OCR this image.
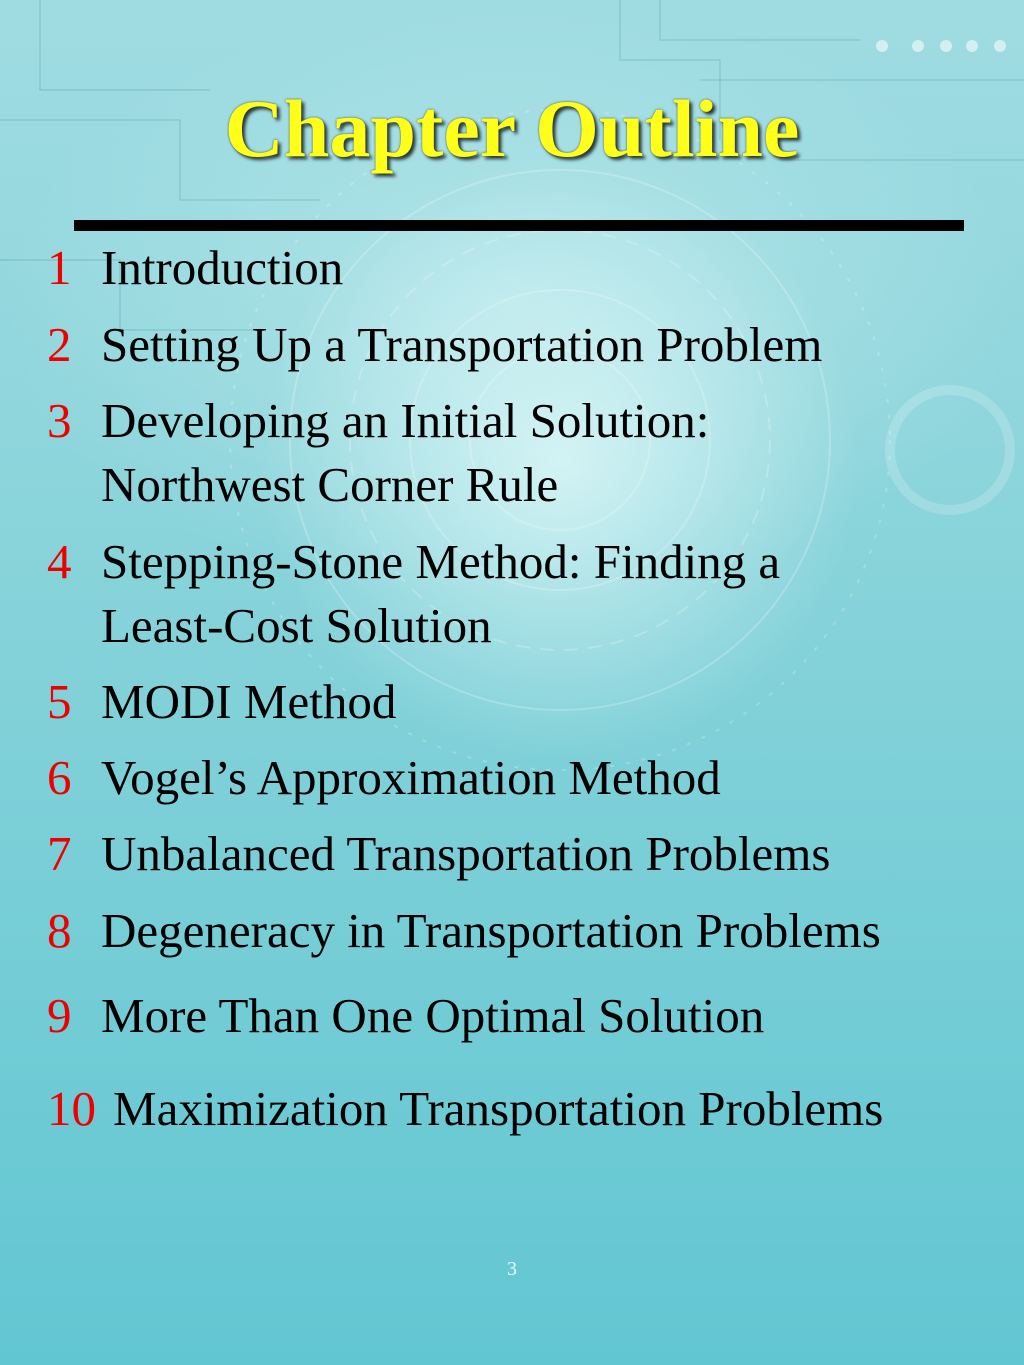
Chapter Outline
1 Introduction
2 Setting Up a Transportation Problem
3 Developing an Initial Solution:
Northwest Corner Rule
4 Stepping-Stone Method: Finding a
Least-Cost Solution
5 MODI Method
6 Vogel’s Approximation Method
7 Unbalanced Transportation Problems
8 Degeneracy in Transportation Problems
9 More Than One Optimal Solution
10 Maximization Transportation Problems
3
